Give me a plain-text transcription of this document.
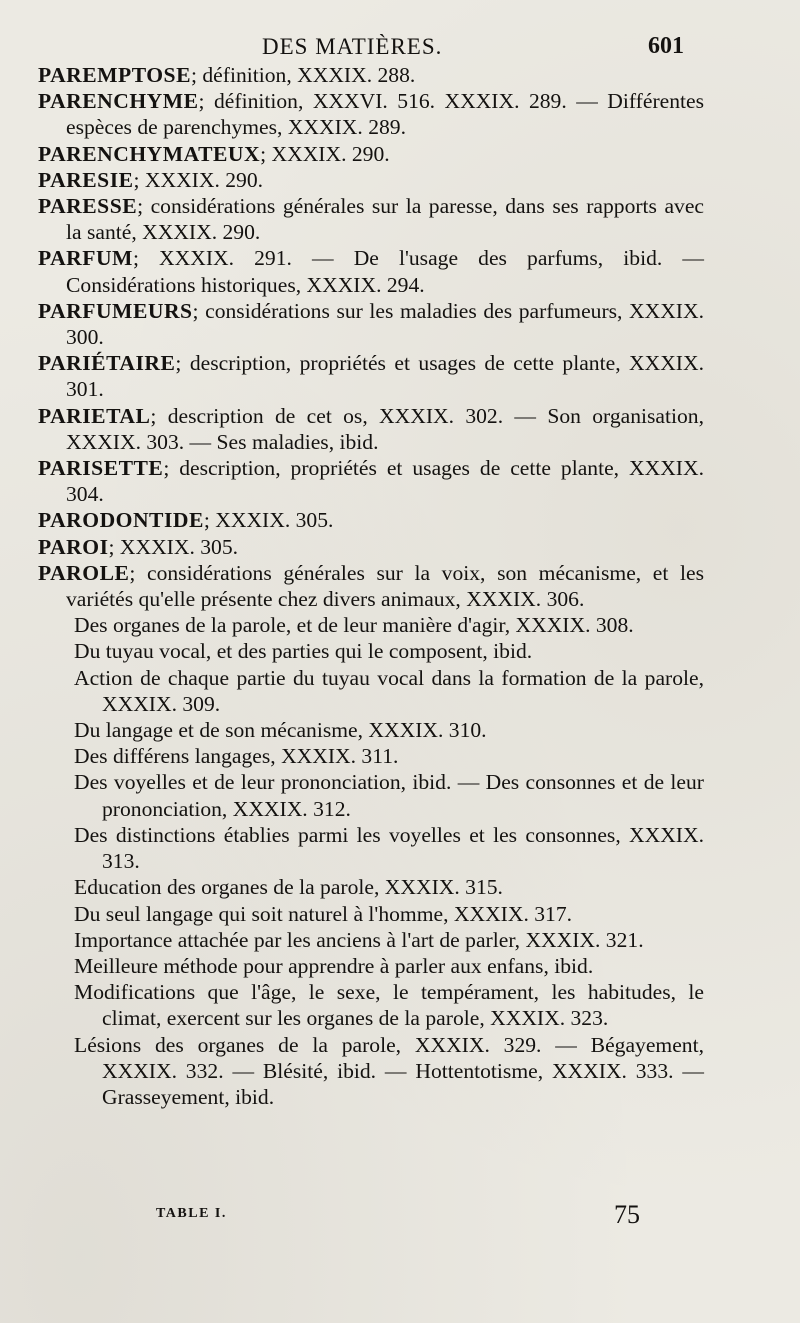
DES MATIÈRES.	601

PAREMPTOSE; définition, XXXIX. 288.

PARENCHYME; définition, XXXVI. 516. XXXIX. 289. — Différentes espèces de parenchymes, XXXIX. 289.

PARENCHYMATEUX; XXXIX. 290.

PARESIE; XXXIX. 290.

PARESSE; considérations générales sur la paresse, dans ses rapports avec la santé, XXXIX. 290.

PARFUM; XXXIX. 291. — De l'usage des parfums, ibid. — Considérations historiques, XXXIX. 294.

PARFUMEURS; considérations sur les maladies des parfumeurs, XXXIX. 300.

PARIÉTAIRE; description, propriétés et usages de cette plante, XXXIX. 301.

PARIETAL; description de cet os, XXXIX. 302. — Son organisation, XXXIX. 303. — Ses maladies, ibid.

PARISETTE; description, propriétés et usages de cette plante, XXXIX. 304.

PARODONTIDE; XXXIX. 305.

PAROI; XXXIX. 305.

PAROLE; considérations générales sur la voix, son mécanisme, et les variétés qu'elle présente chez divers animaux, XXXIX. 306.

Des organes de la parole, et de leur manière d'agir, XXXIX. 308.

Du tuyau vocal, et des parties qui le composent, ibid.

Action de chaque partie du tuyau vocal dans la formation de la parole, XXXIX. 309.

Du langage et de son mécanisme, XXXIX. 310.

Des différens langages, XXXIX. 311.

Des voyelles et de leur prononciation, ibid. — Des consonnes et de leur prononciation, XXXIX. 312.

Des distinctions établies parmi les voyelles et les consonnes, XXXIX. 313.

Education des organes de la parole, XXXIX. 315.

Du seul langage qui soit naturel à l'homme, XXXIX. 317.

Importance attachée par les anciens à l'art de parler, XXXIX. 321.

Meilleure méthode pour apprendre à parler aux enfans, ibid.

Modifications que l'âge, le sexe, le tempérament, les habitudes, le climat, exercent sur les organes de la parole, XXXIX. 323.

Lésions des organes de la parole, XXXIX. 329. — Bégayement, XXXIX. 332. — Blésité, ibid. — Hottentotisme, XXXIX. 333. — Grasseyement, ibid.

TABLE I.	75
